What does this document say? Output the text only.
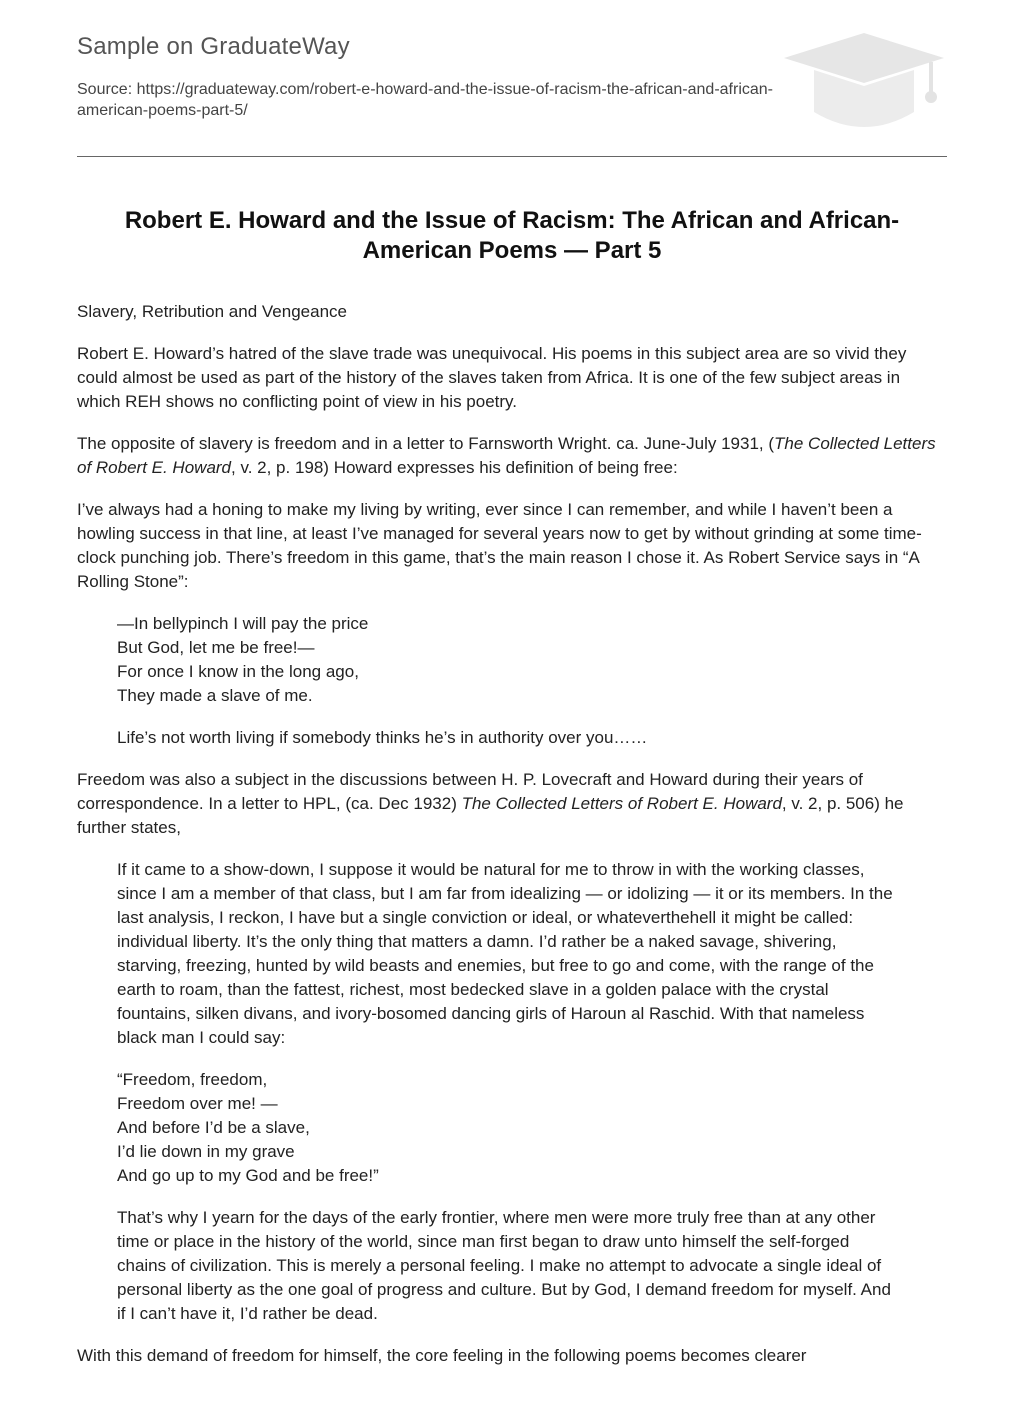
Sample on GraduateWay
Source: https://graduateway.com/robert-e-howard-and-the-issue-of-racism-the-african-and-african-american-poems-part-5/
Robert E. Howard and the Issue of Racism: The African and African-American Poems — Part 5

Slavery, Retribution and Vengeance

Robert E. Howard’s hatred of the slave trade was unequivocal. His poems in this subject area are so vivid they could almost be used as part of the history of the slaves taken from Africa. It is one of the few subject areas in which REH shows no conflicting point of view in his poetry.

The opposite of slavery is freedom and in a letter to Farnsworth Wright. ca. June-July 1931, (The Collected Letters of Robert E. Howard, v. 2, p. 198) Howard expresses his definition of being free:

I’ve always had a honing to make my living by writing, ever since I can remember, and while I haven’t been a howling success in that line, at least I’ve managed for several years now to get by without grinding at some time-clock punching job. There’s freedom in this game, that’s the main reason I chose it. As Robert Service says in “A Rolling Stone”:

—In bellypinch I will pay the price
But God, let me be free!—
For once I know in the long ago,
They made a slave of me.

Life’s not worth living if somebody thinks he’s in authority over you……

Freedom was also a subject in the discussions between H. P. Lovecraft and Howard during their years of correspondence. In a letter to HPL, (ca. Dec 1932) The Collected Letters of Robert E. Howard, v. 2, p. 506) he further states,

If it came to a show-down, I suppose it would be natural for me to throw in with the working classes, since I am a member of that class, but I am far from idealizing — or idolizing — it or its members. In the last analysis, I reckon, I have but a single conviction or ideal, or whateverthehell it might be called: individual liberty. It’s the only thing that matters a damn. I’d rather be a naked savage, shivering, starving, freezing, hunted by wild beasts and enemies, but free to go and come, with the range of the earth to roam, than the fattest, richest, most bedecked slave in a golden palace with the crystal fountains, silken divans, and ivory-bosomed dancing girls of Haroun al Raschid. With that nameless black man I could say:

“Freedom, freedom,
Freedom over me! —
And before I’d be a slave,
I’d lie down in my grave
And go up to my God and be free!”

That’s why I yearn for the days of the early frontier, where men were more truly free than at any other time or place in the history of the world, since man first began to draw unto himself the self-forged chains of civilization. This is merely a personal feeling. I make no attempt to advocate a single ideal of personal liberty as the one goal of progress and culture. But by God, I demand freedom for myself. And if I can’t have it, I’d rather be dead.

With this demand of freedom for himself, the core feeling in the following poems becomes clearer
